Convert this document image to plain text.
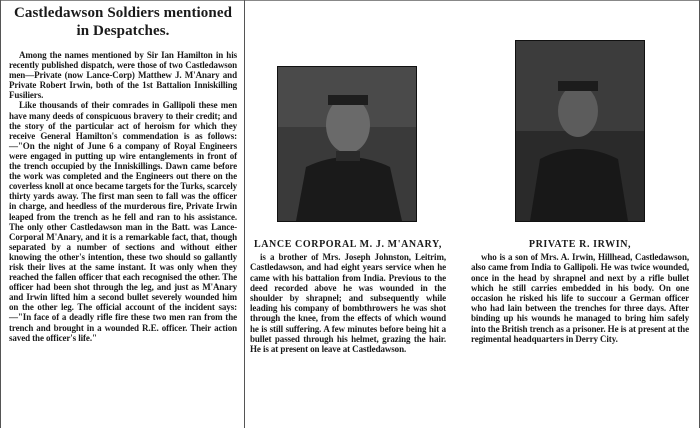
Castledawson Soldiers mentioned
in Despatches.

Among the names mentioned by Sir Ian Hamilton in his recently published dispatch, were those of two Castledawson men—Private (now Lance-Corp) Matthew J. M'Anary and Private Robert Irwin, both of the 1st Battalion Inniskilling Fusiliers.

Like thousands of their comrades in Gallipoli these men have many deeds of conspicuous bravery to their credit; and the story of the particular act of heroism for which they receive General Hamilton's commendation is as follows:—"On the night of June 6 a company of Royal Engineers were engaged in putting up wire entanglements in front of the trench occupied by the Inniskillings. Dawn came before the work was completed and the Engineers out there on the coverless knoll at once became targets for the Turks, scarcely thirty yards away. The first man seen to fall was the officer in charge, and heedless of the murderous fire, Private Irwin leaped from the trench as he fell and ran to his assistance. The only other Castledawson man in the Batt. was Lance-Corporal M'Anary, and it is a remarkable fact, that, though separated by a number of sections and without either knowing the other's intention, these two should so gallantly risk their lives at the same instant. It was only when they reached the fallen officer that each recognised the other. The officer had been shot through the leg, and just as M'Anary and Irwin lifted him a second bullet severely wounded him on the other leg. The official account of the incident says:—"In face of a deadly rifle fire these two men ran from the trench and brought in a wounded R.E. officer. Their action saved the officer's life."

LANCE CORPORAL M. J. M'ANARY,

is a brother of Mrs. Joseph Johnston, Leitrim, Castledawson, and had eight years service when he came with his battalion from India. Previous to the deed recorded above he was wounded in the shoulder by shrapnel; and subsequently while leading his company of bombthrowers he was shot through the knee, from the effects of which wound he is still suffering. A few minutes before being hit a bullet passed through his helmet, grazing the hair. He is at present on leave at Castledawson.

PRIVATE R. IRWIN,

who is a son of Mrs. A. Irwin, Hillhead, Castledawson, also came from India to Gallipoli. He was twice wounded, once in the head by shrapnel and next by a rifle bullet which he still carries embedded in his body. On one occasion he risked his life to succour a German officer who had lain between the trenches for three days. After binding up his wounds he managed to bring him safely into the British trench as a prisoner. He is at present at the regimental headquarters in Derry City.
